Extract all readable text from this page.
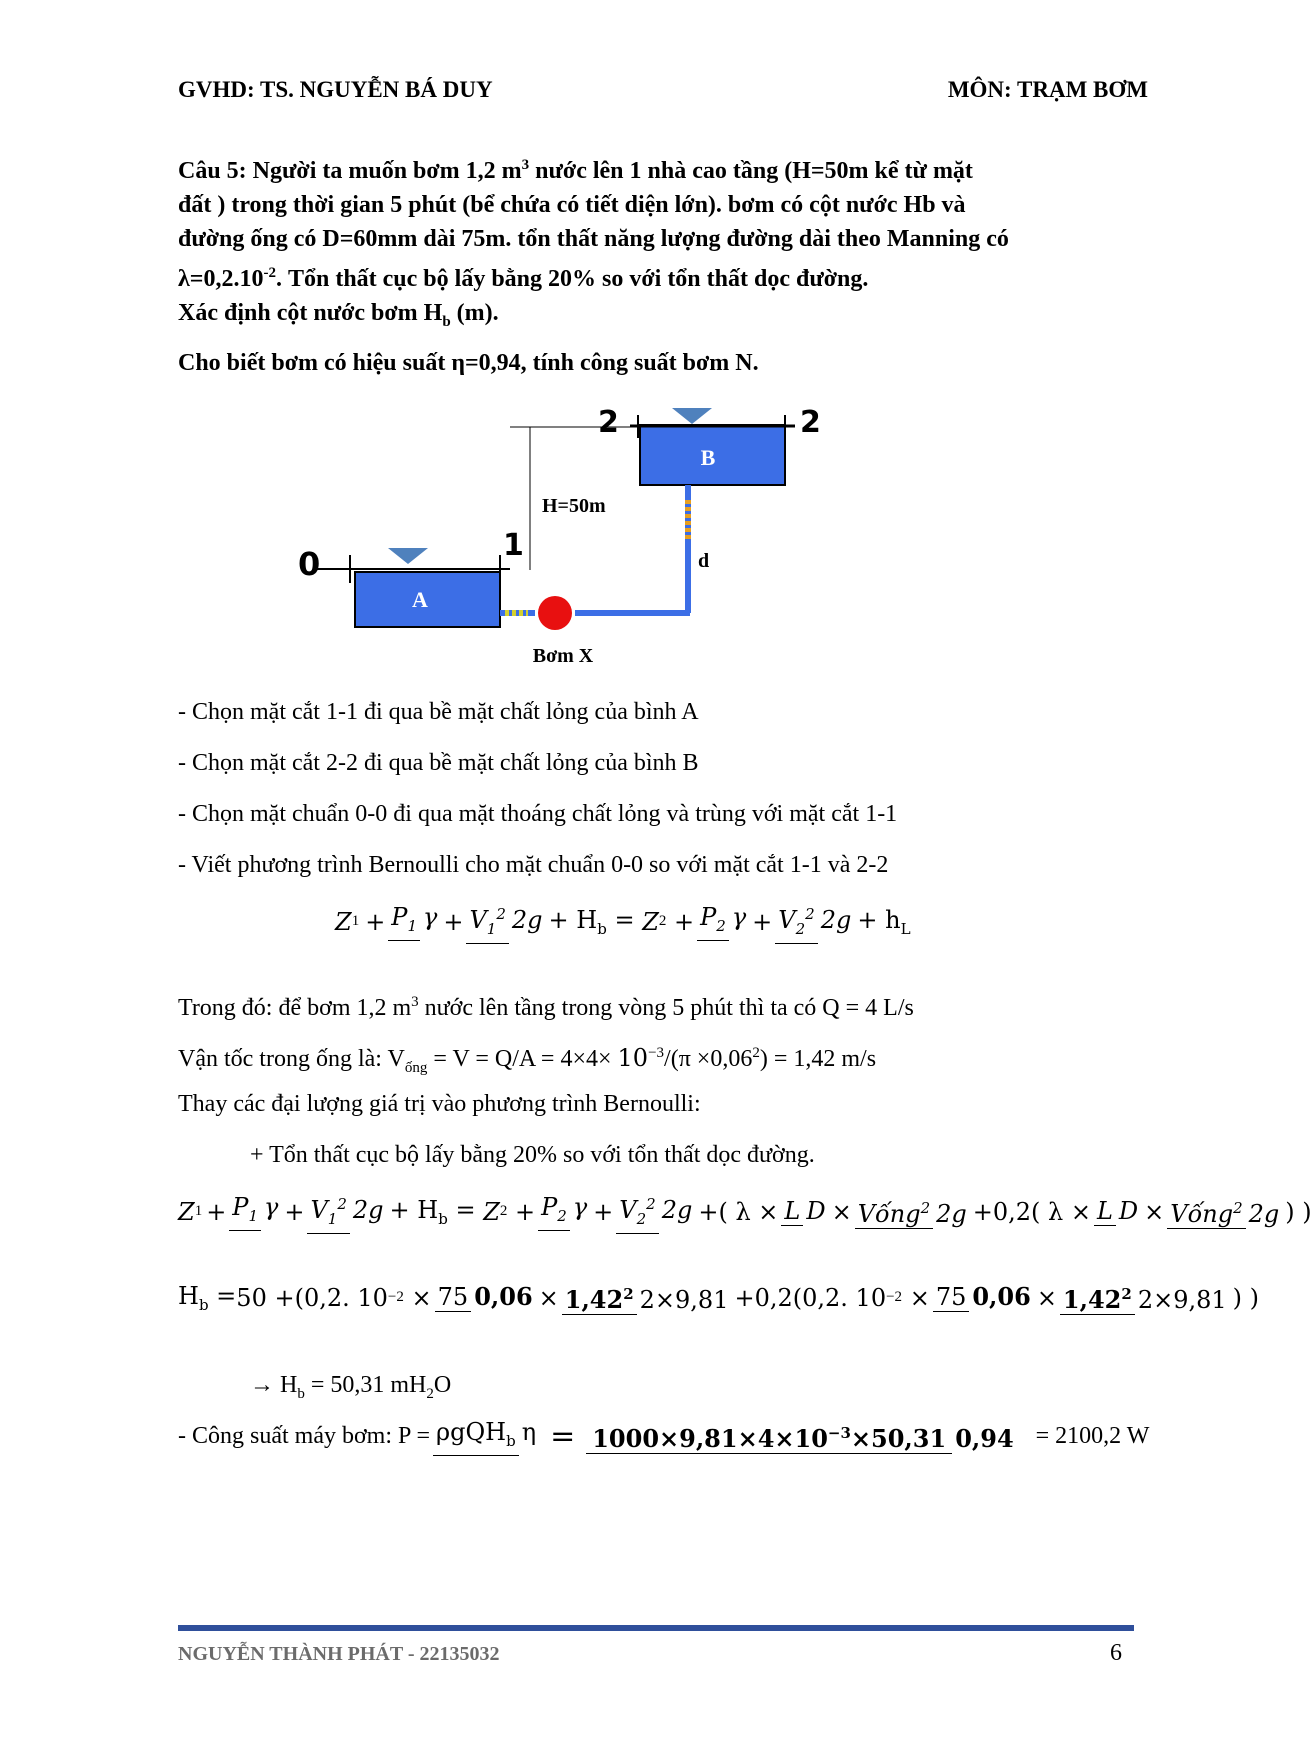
GVHD: TS. NGUYỄN BÁ DUY	MÔN: TRẠM BƠM
Câu 5: Người ta muốn bơm 1,2 $m^3$ nước lên 1 nhà cao tầng (H=50m kể từ mặt
đất ) trong thời gian 5 phút (bể chứa có tiết diện lớn). bơm có cột nước Hb và
đường ống có D=60mm dài 75m. tổn thất năng lượng đường dài theo Manning có
$\lambda=0,2.10^{-2}$. Tổn thất cục bộ lấy bằng 20% so với tổn thất dọc đường.
Xác định cột nước bơm $H_b$ (m).
Cho biết bơm có hiệu suất η=0,94, tính công suất bơm N.
A
B
H=50m
d
Bơm X
0	1
2	2
- Chọn mặt cắt 1-1 đi qua bề mặt chất lỏng của bình A
- Chọn mặt cắt 2-2 đi qua bề mặt chất lỏng của bình B
- Chọn mặt chuẩn 0-0 đi qua mặt thoáng chất lỏng và trùng với mặt cắt 1-1
- Viết phương trình Bernoulli cho mặt chuẩn 0-0 so với mặt cắt 1-1 và 2-2
Z $1 + P_1$ $\gamma + V_1^2$ $2g + H_b = Z$ $2 + P_2$ $\gamma + V_2^2$ $2g + h_L$
Trong đó: để bơm 1,2 $m^3$ nước lên tầng trong vòng 5 phút thì ta có Q = 4 L/s
Vận tốc trong ống là: $V_{ống} = V = Q/A = 4\times 4\times 10^{-3}/(\pi \times 0,06^2) = 1,42$ m/s
Thay các đại lượng giá trị vào phương trình Bernoulli:
+ Tổn thất cục bộ lấy bằng 20% so với tổn thất dọc đường.
Z $1 + P_1$ $\gamma + V_1^2$ $2g + H_b = Z$ $2 + P_2$ $\gamma + V_2^2$ 2g +( λ × L D × Vống$^2$ 2g +0,2( λ × L D × Vống$^2$ 2g ) )
$H_b = 50$ +( 0,2. 10 −2 × 75 $0,06 \times 1,42^2$ 2×9,81 + 0,2 ( 0,2. 10 −2 × 75 $0,06 \times 1,42^2$ 2×9,81 ) )
→ $H_b = 50,31$ $mH_2O$
- Công suất máy bơm: P = ρgQH$_b$ $\eta = 1000\times 9,81\times 4\times 10^{-3}\times 50,31$ 0,94 = 2100,2 W
NGUYỄN THÀNH PHÁT - 22135032	6
